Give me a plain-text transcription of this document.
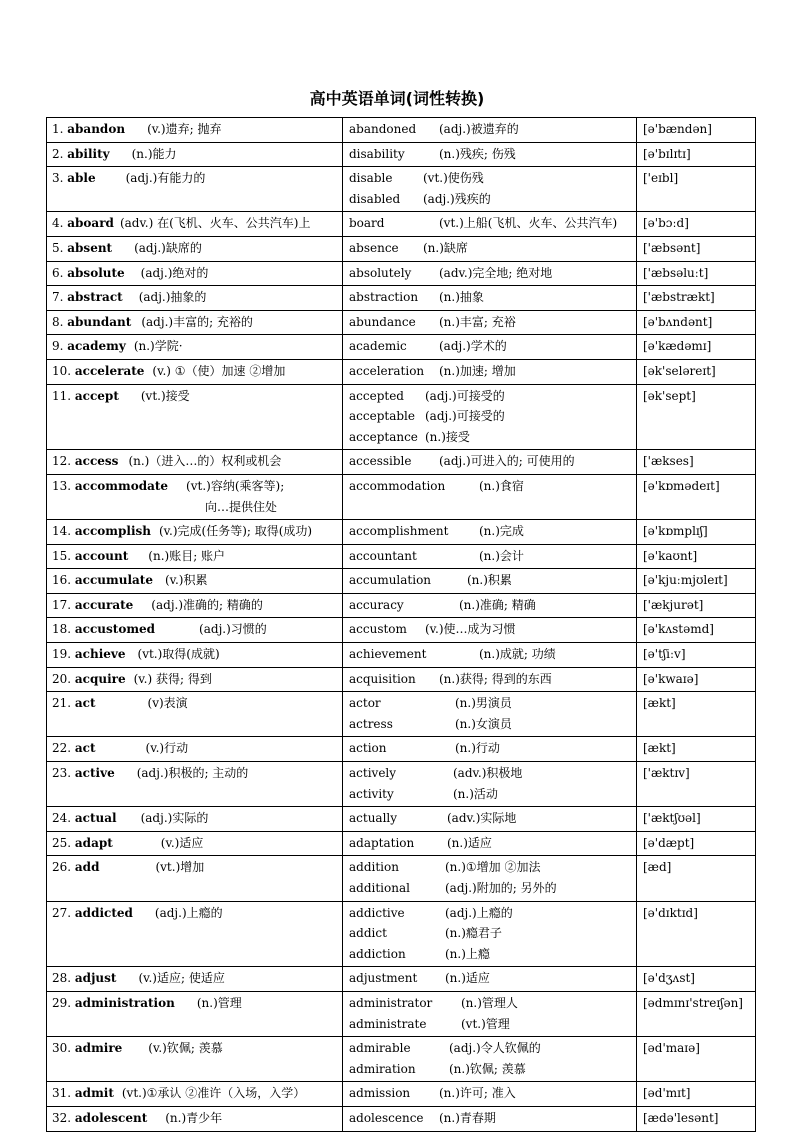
高中英语单词(词性转换)
1. abandon (v.)遗弃; 抛弃	abandoned (adj.)被遗弃的	[ə'bændən]

2. ability (n.)能力	disability (n.)残疾; 伤残	[ə'bɪlɪtɪ]

3. able (adj.)有能力的	disable (vt.)使伤残
disabled (adj.)残疾的	['eɪbl]

4. aboard (adv.) 在(飞机、火车、公共汽车)上	board (vt.)上船(飞机、火车、公共汽车)	[ə'bɔːd]

5. absent (adj.)缺席的	absence (n.)缺席	['æbsənt]

6. absolute (adj.)绝对的	absolutely (adv.)完全地; 绝对地	['æbsəluːt]

7. abstract (adj.)抽象的	abstraction (n.)抽象	['æbstrækt]

8. abundant (adj.)丰富的; 充裕的	abundance (n.)丰富; 充裕	[ə'bʌndənt]

9. academy (n.)学院·	academic (adj.)学术的	[ə'kædəmɪ]

10. accelerate (v.) ①（使）加速 ②增加	acceleration (n.)加速; 增加	[ək'seləreɪt]

11. accept (vt.)接受	accepted (adj.)可接受的
acceptable (adj.)可接受的
acceptance (n.)接受	[ək'sept]

12. access (n.)（进入…的）权利或机会	accessible (adj.)可进入的; 可使用的	['ækses]

13. accommodate (vt.)容纳(乘客等);
向…提供住处	accommodation (n.)食宿	[ə'kɒmədeɪt]

14. accomplish (v.)完成(任务等); 取得(成功)	accomplishment (n.)完成	[ə'kɒmplɪʃ]

15. account (n.)账目; 账户	accountant (n.)会计	[ə'kaʊnt]

16. accumulate (v.)积累	accumulation (n.)积累	[ə'kjuːmjʊleɪt]

17. accurate (adj.)准确的; 精确的	accuracy (n.)准确; 精确	['ækjurət]

18. accustomed (adj.)习惯的	accustom (v.)使…成为习惯	[ə'kʌstəmd]

19. achieve (vt.)取得(成就)	achievement (n.)成就; 功绩	[ə'tʃiːv]

20. acquire (v.) 获得; 得到	acquisition (n.)获得; 得到的东西	[ə'kwaɪə]

21. act (v)表演	actor (n.)男演员
actress (n.)女演员	[ækt]

22. act (v.)行动	action (n.)行动	[ækt]

23. active (adj.)积极的; 主动的	actively (adv.)积极地
activity (n.)活动	['æktɪv]

24. actual (adj.)实际的	actually (adv.)实际地	['æktʃʊəl]

25. adapt (v.)适应	adaptation (n.)适应	[ə'dæpt]

26. add (vt.)增加	addition (n.)①增加 ②加法
additional (adj.)附加的; 另外的	[æd]

27. addicted (adj.)上瘾的	addictive (adj.)上瘾的
addict (n.)瘾君子
addiction (n.)上瘾	[ə'dɪktɪd]

28. adjust (v.)适应; 使适应	adjustment (n.)适应	[ə'dʒʌst]

29. administration (n.)管理	administrator (n.)管理人
administrate (vt.)管理	[ədmɪnɪ'streɪʃən]

30. admire (v.)钦佩; 羡慕	admirable (adj.)令人钦佩的
admiration (n.)钦佩; 羡慕	[əd'maɪə]

31. admit (vt.)①承认 ②准许（入场，入学）	admission (n.)许可; 准入	[əd'mɪt]

32. adolescent (n.)青少年	adolescence (n.)青春期	[ædə'lesənt]
